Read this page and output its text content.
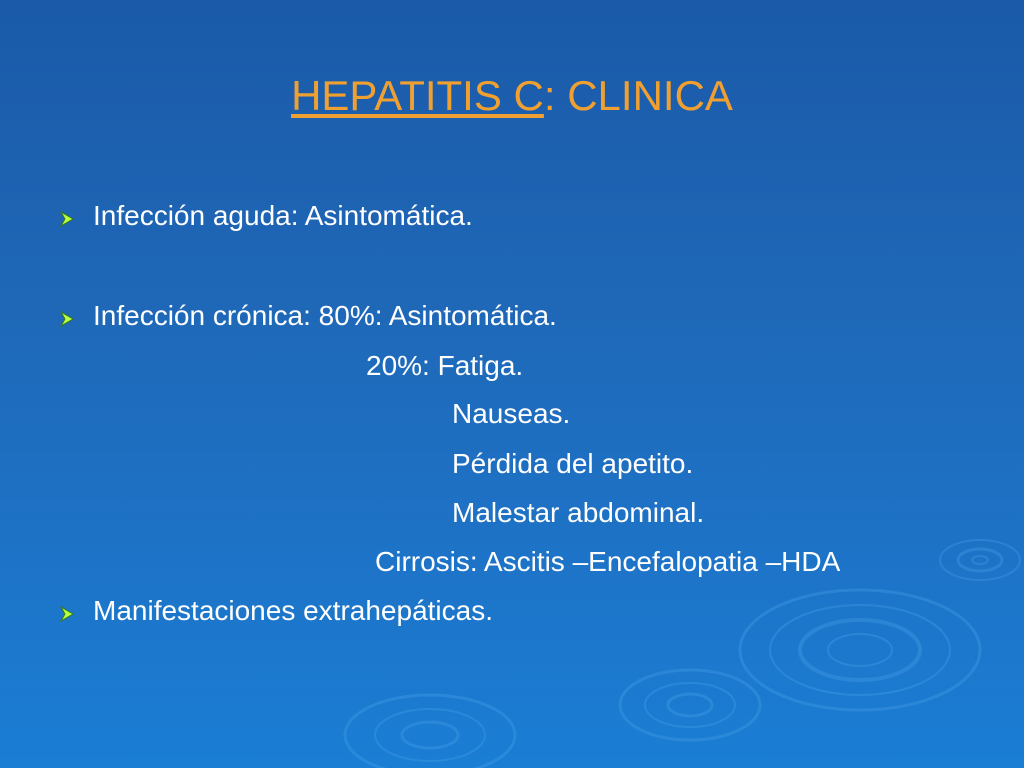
HEPATITIS C: CLINICA
Infección aguda: Asintomática.
Infección crónica: 80%: Asintomática.
20%: Fatiga.
Nauseas.
Pérdida del apetito.
Malestar abdominal.
Cirrosis: Ascitis –Encefalopatia –HDA
Manifestaciones extrahepáticas.
